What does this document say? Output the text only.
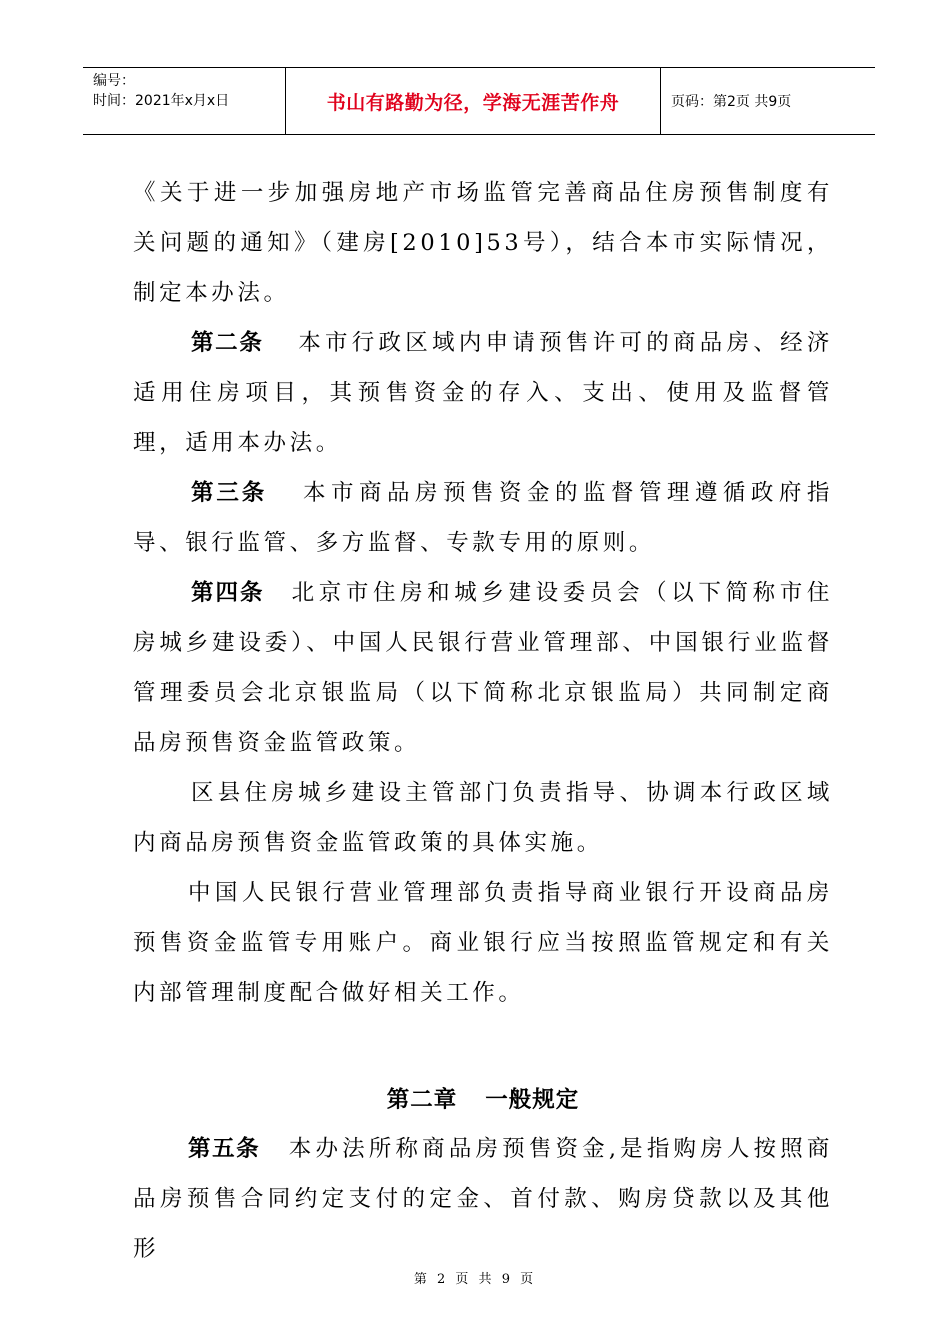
编号：
时间：2021年x月x日	书山有路勤为径，学海无涯苦作舟	页码：第2页 共9页

《关于进一步加强房地产市场监管完善商品住房预售制度有关问题的通知》（建房[2010]53号），结合本市实际情况，制定本办法。

第二条 本市行政区域内申请预售许可的商品房、经济适用住房项目，其预售资金的存入、支出、使用及监督管理，适用本办法。

第三条 本市商品房预售资金的监督管理遵循政府指导、银行监管、多方监督、专款专用的原则。

第四条 北京市住房和城乡建设委员会（以下简称市住房城乡建设委）、中国人民银行营业管理部、中国银行业监督管理委员会北京银监局（以下简称北京银监局）共同制定商品房预售资金监管政策。

区县住房城乡建设主管部门负责指导、协调本行政区域内商品房预售资金监管政策的具体实施。

中国人民银行营业管理部负责指导商业银行开设商品房预售资金监管专用账户。商业银行应当按照监管规定和有关内部管理制度配合做好相关工作。

第二章 一般规定

第五条 本办法所称商品房预售资金,是指购房人按照商品房预售合同约定支付的定金、首付款、购房贷款以及其他形

第 2 页 共 9 页
